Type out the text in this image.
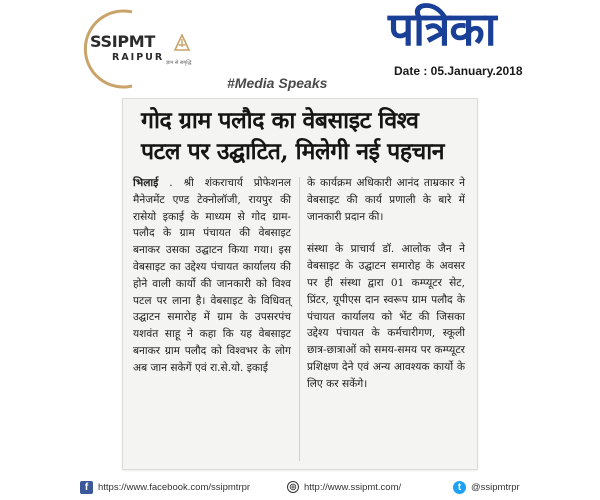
SSIPMT
RAIPUR ज्ञान से समृद्धि
पत्रिका
Date : 05.January.2018
#Media Speaks
गोद ग्राम पलौद का वेबसाइट विश्व
पटल पर उद्घाटित, मिलेगी नई पहचान
भिलाई . श्री शंकराचार्य प्रोफेशनल मैनेजमेंट एण्ड टेक्नोलॉजी, रायपुर की रासेयो इकाई के माध्यम से गोद ग्राम-पलौद के ग्राम पंचायत की वेबसाइट बनाकर उसका उद्घाटन किया गया। इस वेबसाइट का उद्देश्य पंचायत कार्यालय की होने वाली कार्यो की जानकारी को विश्व पटल पर लाना है। वेबसाइट के विधिवत् उद्घाटन समारोह में ग्राम के उपसरपंच यशवंत साहू ने कहा कि यह वेबसाइट बनाकर ग्राम पलौद को विश्वभर के लोग अब जान सकेगें एवं रा.से.यो. इकाई

के कार्यक्रम अधिकारी आनंद ताम्रकार ने वेबसाइट की कार्य प्रणाली के बारे में जानकारी प्रदान की।

संस्था के प्राचार्य डॉ. आलोक जैन ने वेबसाइट के उद्घाटन समारोह के अवसर पर ही संस्था द्वारा 01 कम्प्यूटर सेट, प्रिंटर, यूपीएस दान स्वरूप ग्राम पलौद के पंचायत कार्यालय को भेंट की जिसका उद्देश्य पंचायत के कर्मचारीगण, स्कूली छात्र-छात्राओं को समय-समय पर कम्प्यूटर प्रशिक्षण देने एवं अन्य आवश्यक कार्यो के लिए कर सकेंगे।

f	https://www.facebook.com/ssipmtrpr	◎ http://www.ssipmt.com/	t	@ssipmtrpr
